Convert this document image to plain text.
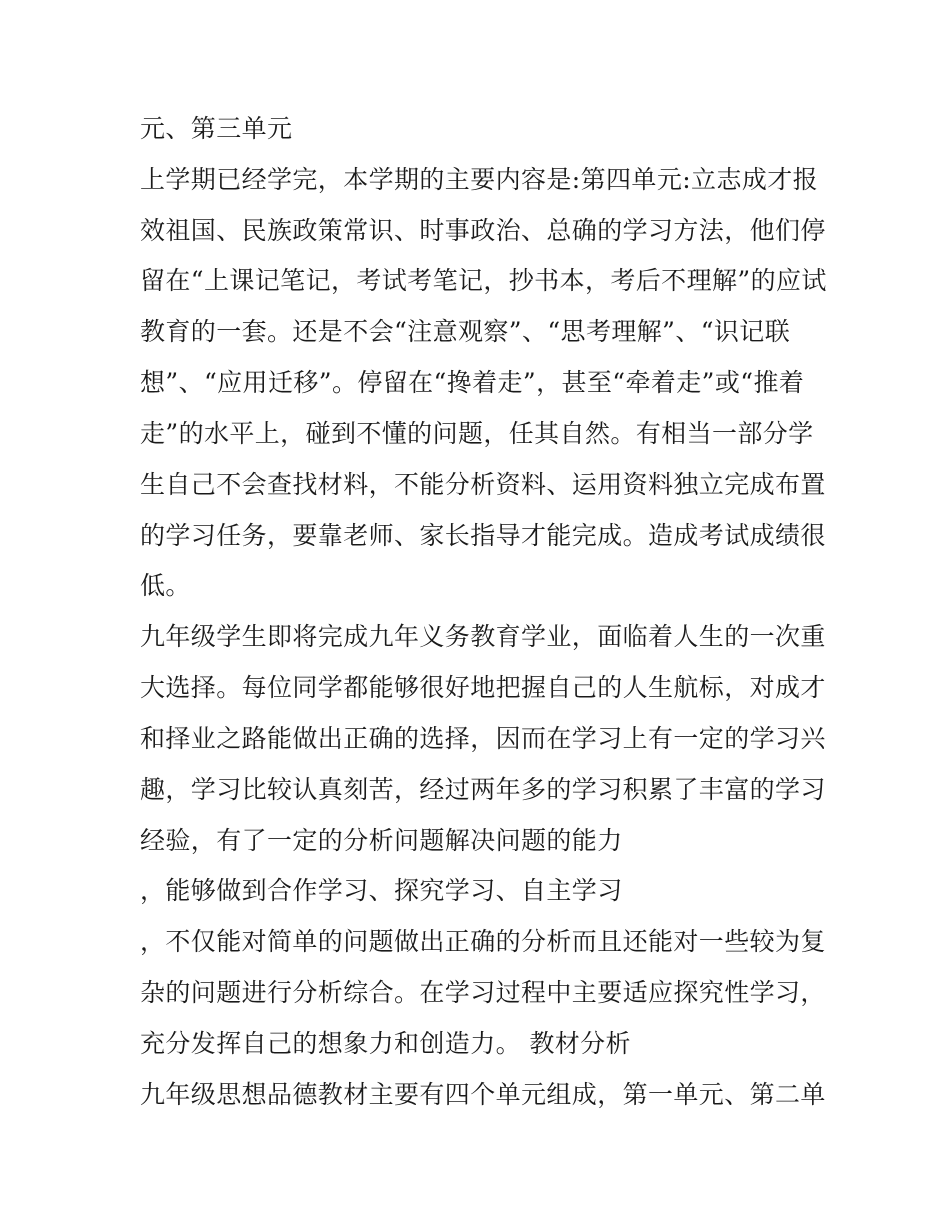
元、第三单元
上学期已经学完，本学期的主要内容是:第四单元:立志成才报
效祖国、民族政策常识、时事政治、总确的学习方法，他们停
留在“上课记笔记，考试考笔记，抄书本，考后不理解”的应试
教育的一套。还是不会“注意观察”、“思考理解”、“识记联
想”、“应用迁移”。停留在“搀着走”，甚至“牵着走”或“推着
走”的水平上，碰到不懂的问题，任其自然。有相当一部分学
生自己不会查找材料，不能分析资料、运用资料独立完成布置
的学习任务，要靠老师、家长指导才能完成。造成考试成绩很
低。
九年级学生即将完成九年义务教育学业，面临着人生的一次重
大选择。每位同学都能够很好地把握自己的人生航标，对成才
和择业之路能做出正确的选择，因而在学习上有一定的学习兴
趣，学习比较认真刻苦，经过两年多的学习积累了丰富的学习
经验，有了一定的分析问题解决问题的能力
，能够做到合作学习、探究学习、自主学习
，不仅能对简单的问题做出正确的分析而且还能对一些较为复
杂的问题进行分析综合。在学习过程中主要适应探究性学习，
充分发挥自己的想象力和创造力。 教材分析
九年级思想品德教材主要有四个单元组成，第一单元、第二单
